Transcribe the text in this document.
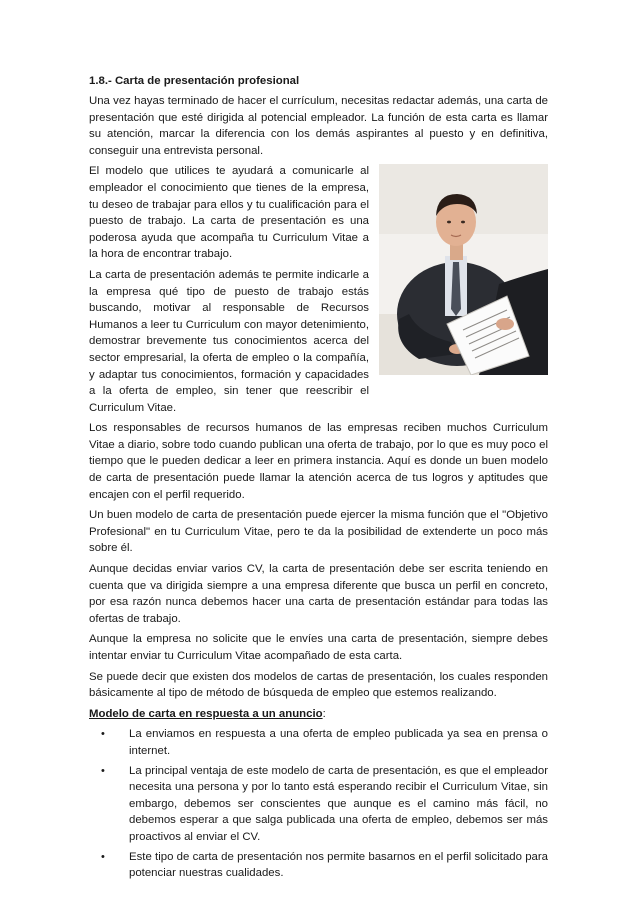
1.8.- Carta de presentación profesional

Una vez hayas terminado de hacer el currículum, necesitas redactar además, una carta de presentación que esté dirigida al potencial empleador. La función de esta carta es llamar su atención, marcar la diferencia con los demás aspirantes al puesto y en definitiva, conseguir una entrevista personal.

El modelo que utilices te ayudará a comunicarle al empleador el conocimiento que tienes de la empresa, tu deseo de trabajar para ellos y tu cualificación para el puesto de trabajo. La carta de presentación es una poderosa ayuda que acompaña tu Curriculum Vitae a la hora de encontrar trabajo.

La carta de presentación además te permite indicarle a la empresa qué tipo de puesto de trabajo estás buscando, motivar al responsable de Recursos Humanos a leer tu Curriculum con mayor detenimiento, demostrar brevemente tus conocimientos acerca del sector empresarial, la oferta de empleo o la compañía, y adaptar tus conocimientos, formación y capacidades a la oferta de empleo, sin tener que reescribir el Curriculum Vitae.

Los responsables de recursos humanos de las empresas reciben muchos Curriculum Vitae a diario, sobre todo cuando publican una oferta de trabajo, por lo que es muy poco el tiempo que le pueden dedicar a leer en primera instancia. Aquí es donde un buen modelo de carta de presentación puede llamar la atención acerca de tus logros y aptitudes que encajen con el perfil requerido.

Un buen modelo de carta de presentación puede ejercer la misma función que el "Objetivo Profesional" en tu Curriculum Vitae, pero te da la posibilidad de extenderte un poco más sobre él.

Aunque decidas enviar varios CV, la carta de presentación debe ser escrita teniendo en cuenta que va dirigida siempre a una empresa diferente que busca un perfil en concreto, por esa razón nunca debemos hacer una carta de presentación estándar para todas las ofertas de trabajo.

Aunque la empresa no solicite que le envíes una carta de presentación, siempre debes intentar enviar tu Curriculum Vitae acompañado de esta carta.

Se puede decir que existen dos modelos de cartas de presentación, los cuales responden básicamente al tipo de método de búsqueda de empleo que estemos realizando.

Modelo de carta en respuesta a un anuncio:
• La enviamos en respuesta a una oferta de empleo publicada ya sea en prensa o internet.
• La principal ventaja de este modelo de carta de presentación, es que el empleador necesita una persona y por lo tanto está esperando recibir el Curriculum Vitae, sin embargo, debemos ser conscientes que aunque es el camino más fácil, no debemos esperar a que salga publicada una oferta de empleo, debemos ser más proactivos al enviar el CV.
• Este tipo de carta de presentación nos permite basarnos en el perfil solicitado para potenciar nuestras cualidades.
